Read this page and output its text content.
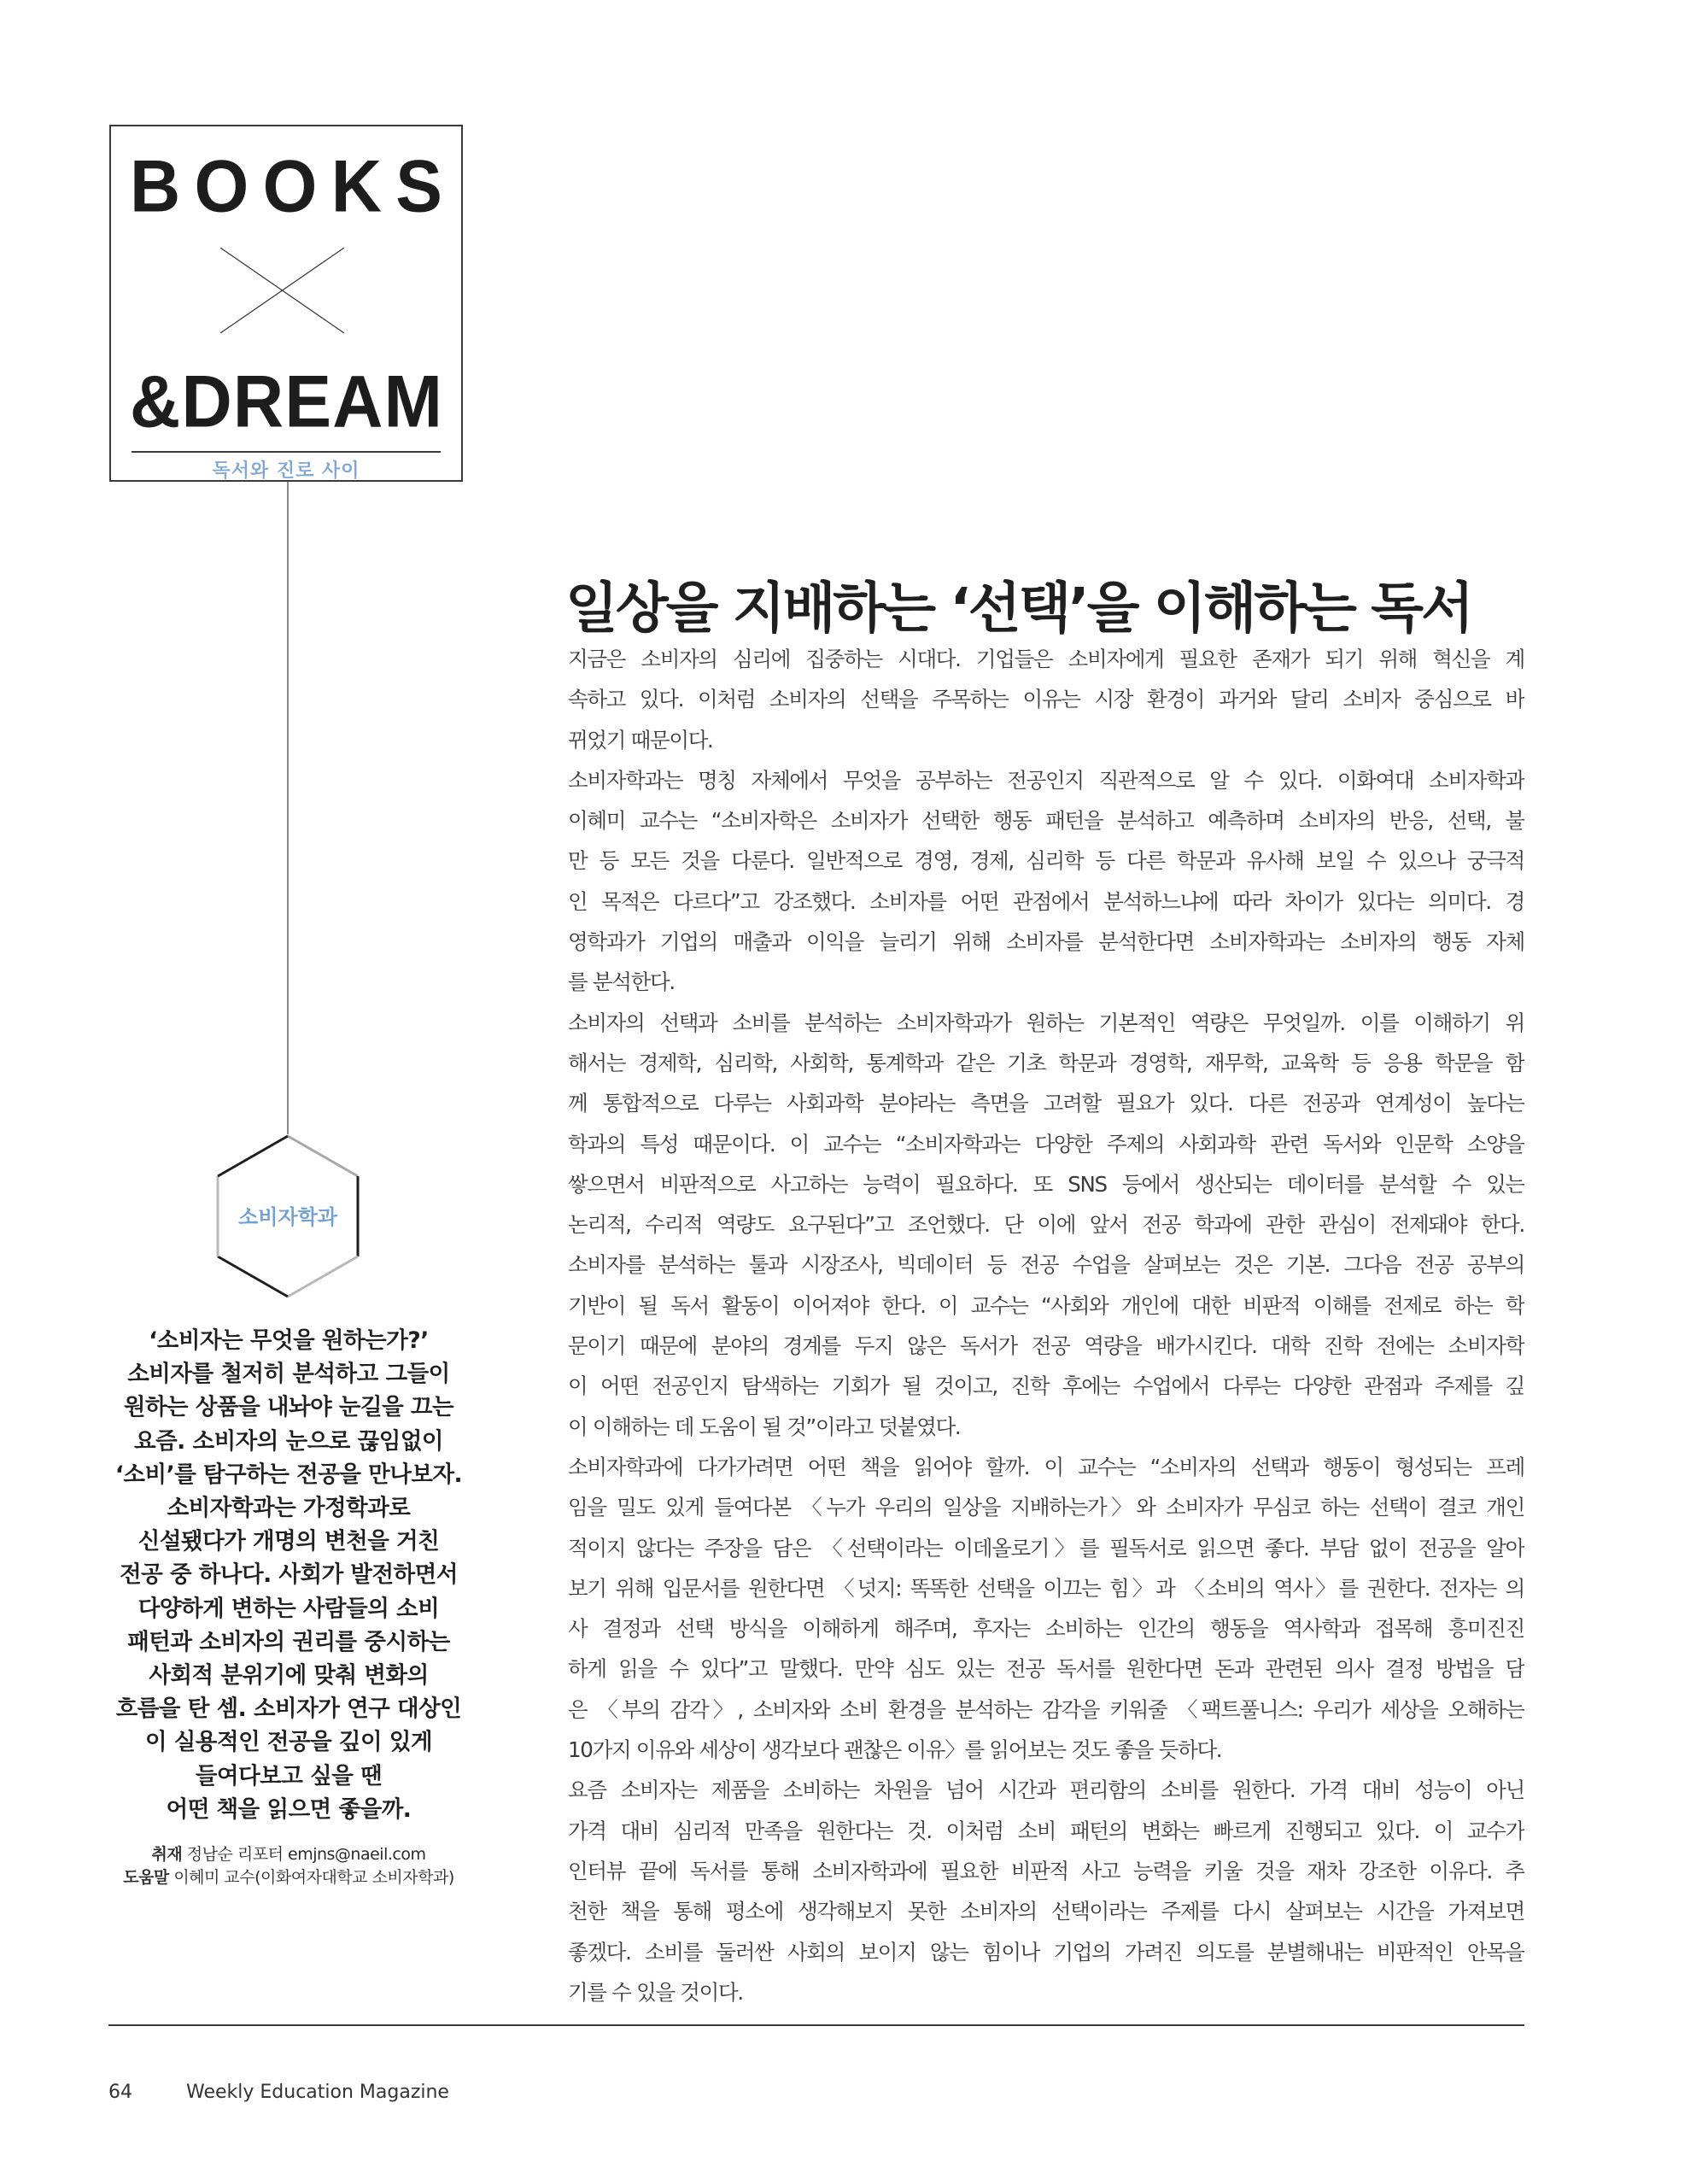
B O O K S
& D R E A M
독서와 진로 사이
소비자학과
‘소비자는 무엇을 원하는가?’
소비자를 철저히 분석하고 그들이
원하는 상품을 내놔야 눈길을 끄는
요즘. 소비자의 눈으로 끊임없이
‘소비’를 탐구하는 전공을 만나보자.
소비자학과는 가정학과로
신설됐다가 개명의 변천을 거친
전공 중 하나다. 사회가 발전하면서
다양하게 변하는 사람들의 소비
패턴과 소비자의 권리를 중시하는
사회적 분위기에 맞춰 변화의
흐름을 탄 셈. 소비자가 연구 대상인
이 실용적인 전공을 깊이 있게
들여다보고 싶을 땐
어떤 책을 읽으면 좋을까.
취재 정남순 리포터 emjns@naeil.com
도움말 이혜미 교수(이화여자대학교 소비자학과)
일상을 지배하는 ‘선택’을 이해하는 독서
지금은 소비자의 심리에 집중하는 시대다. 기업들은 소비자에게 필요한 존재가 되기 위해 혁신을 계
속하고 있다. 이처럼 소비자의 선택을 주목하는 이유는 시장 환경이 과거와 달리 소비자 중심으로 바
뀌었기 때문이다.
소비자학과는 명칭 자체에서 무엇을 공부하는 전공인지 직관적으로 알 수 있다. 이화여대 소비자학과
이혜미 교수는 “소비자학은 소비자가 선택한 행동 패턴을 분석하고 예측하며 소비자의 반응, 선택, 불
만 등 모든 것을 다룬다. 일반적으로 경영, 경제, 심리학 등 다른 학문과 유사해 보일 수 있으나 궁극적
인 목적은 다르다”고 강조했다. 소비자를 어떤 관점에서 분석하느냐에 따라 차이가 있다는 의미다. 경
영학과가 기업의 매출과 이익을 늘리기 위해 소비자를 분석한다면 소비자학과는 소비자의 행동 자체
를 분석한다.
소비자의 선택과 소비를 분석하는 소비자학과가 원하는 기본적인 역량은 무엇일까. 이를 이해하기 위
해서는 경제학, 심리학, 사회학, 통계학과 같은 기초 학문과 경영학, 재무학, 교육학 등 응용 학문을 함
께 통합적으로 다루는 사회과학 분야라는 측면을 고려할 필요가 있다. 다른 전공과 연계성이 높다는
학과의 특성 때문이다. 이 교수는 “소비자학과는 다양한 주제의 사회과학 관련 독서와 인문학 소양을
쌓으면서 비판적으로 사고하는 능력이 필요하다. 또 SNS 등에서 생산되는 데이터를 분석할 수 있는
논리적, 수리적 역량도 요구된다”고 조언했다. 단 이에 앞서 전공 학과에 관한 관심이 전제돼야 한다.
소비자를 분석하는 툴과 시장조사, 빅데이터 등 전공 수업을 살펴보는 것은 기본. 그다음 전공 공부의
기반이 될 독서 활동이 이어져야 한다. 이 교수는 “사회와 개인에 대한 비판적 이해를 전제로 하는 학
문이기 때문에 분야의 경계를 두지 않은 독서가 전공 역량을 배가시킨다. 대학 진학 전에는 소비자학
이 어떤 전공인지 탐색하는 기회가 될 것이고, 진학 후에는 수업에서 다루는 다양한 관점과 주제를 깊
이 이해하는 데 도움이 될 것”이라고 덧붙였다.
소비자학과에 다가가려면 어떤 책을 읽어야 할까. 이 교수는 “소비자의 선택과 행동이 형성되는 프레
임을 밀도 있게 들여다본 〈누가 우리의 일상을 지배하는가〉와 소비자가 무심코 하는 선택이 결코 개인
적이지 않다는 주장을 담은 〈선택이라는 이데올로기〉를 필독서로 읽으면 좋다. 부담 없이 전공을 알아
보기 위해 입문서를 원한다면 〈넛지: 똑똑한 선택을 이끄는 힘〉과 〈소비의 역사〉를 권한다. 전자는 의
사 결정과 선택 방식을 이해하게 해주며, 후자는 소비하는 인간의 행동을 역사학과 접목해 흥미진진
하게 읽을 수 있다”고 말했다. 만약 심도 있는 전공 독서를 원한다면 돈과 관련된 의사 결정 방법을 담
은 〈부의 감각〉, 소비자와 소비 환경을 분석하는 감각을 키워줄 〈팩트풀니스: 우리가 세상을 오해하는
10가지 이유와 세상이 생각보다 괜찮은 이유〉를 읽어보는 것도 좋을 듯하다.
요즘 소비자는 제품을 소비하는 차원을 넘어 시간과 편리함의 소비를 원한다. 가격 대비 성능이 아닌
가격 대비 심리적 만족을 원한다는 것. 이처럼 소비 패턴의 변화는 빠르게 진행되고 있다. 이 교수가
인터뷰 끝에 독서를 통해 소비자학과에 필요한 비판적 사고 능력을 키울 것을 재차 강조한 이유다. 추
천한 책을 통해 평소에 생각해보지 못한 소비자의 선택이라는 주제를 다시 살펴보는 시간을 가져보면
좋겠다. 소비를 둘러싼 사회의 보이지 않는 힘이나 기업의 가려진 의도를 분별해내는 비판적인 안목을
기를 수 있을 것이다.
64	Weekly Education Magazine
